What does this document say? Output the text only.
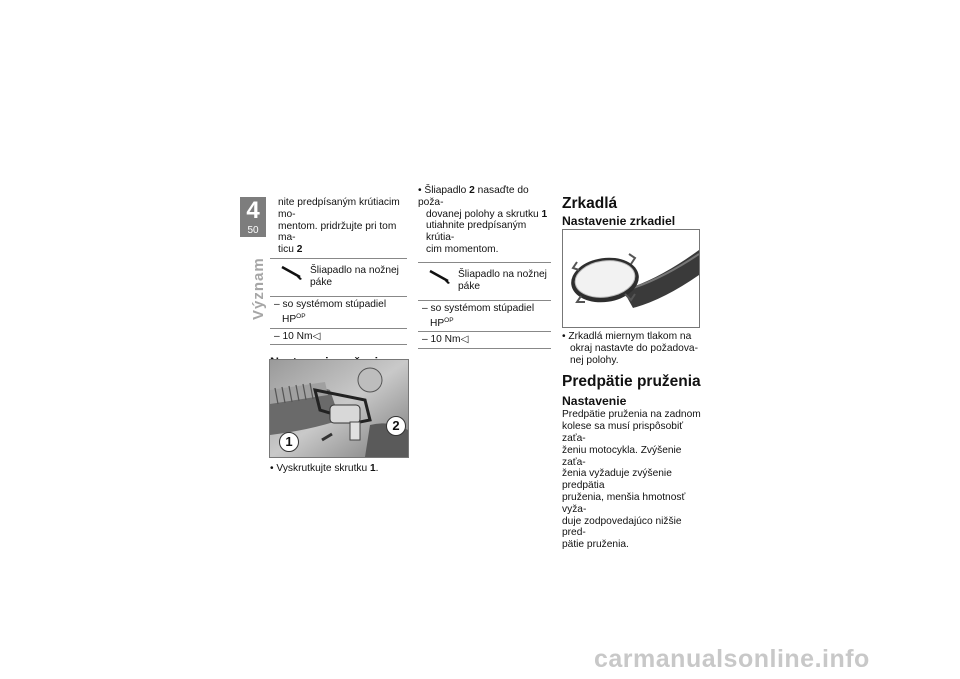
4
50
Význam
nite predpísaným krútiacim mo-
mentom. pridržujte pri tom ma-
ticu 2
Šliapadlo na nožnej páke
– so systémom stúpadiel
$HP^{OP}$
– 10 Nm◁
1
2
• Vyskrutkujte skrutku 1.
• Šliapadlo 2 nasaďte do poža-
dovanej polohy a skrutku 1
utiahnite predpísaným krútia-
cim momentom.
Šliapadlo na nožnej páke
– so systémom stúpadiel
$HP^{OP}$
– 10 Nm◁
Zrkadlá
Nastavenie zrkadiel
• Zrkadlá miernym tlakom na
okraj nastavte do požadova-
nej polohy.
Predpätie pruženia
Nastavenie
Predpätie pruženia na zadnom
kolese sa musí prispôsobiť zaťa-
ženiu motocykla. Zvýšenie zaťa-
ženia vyžaduje zvýšenie predpätia
pruženia, menšia hmotnosť vyža-
duje zodpovedajúco nižšie pred-
pätie pruženia.
carmanualsonline.info
